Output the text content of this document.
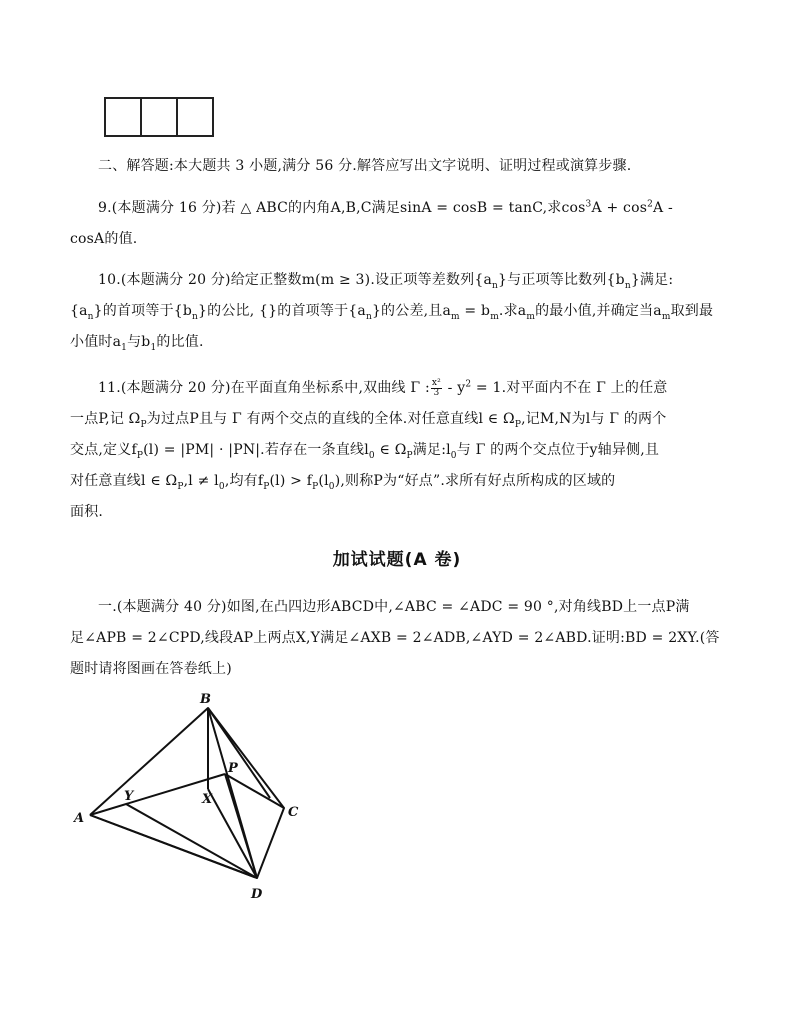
二、解答题:本大题共 3 小题,满分 56 分.解答应写出文字说明、证明过程或演算步骤.
9.(本题满分 16 分)若 △ ABC的内角A,B,C满足sinA = cosB = tanC,求$\cos^3A + \cos^2A$ -
cosA的值.
10.(本题满分 20 分)给定正整数m(m ≥ 3).设正项等差数列$\{a_n\}$与正项等比数列$\{b_n\}$满足:
$\{a_n\}$的首项等于$\{b_n\}$的公比, {}的首项等于$\{a_n\}$的公差,且$a_m = b_m$.求$a_m$的最小值,并确定当$a_m$取到最
小值时$a_1$与$b_1$的比值.
11.(本题满分 20 分)在平面直角坐标系中,双曲线 Γ : $\frac{\text{x²}}{3} - y^2 = 1$.对平面内不在 Γ 上的任意
一点P,记 $\Omega_P$为过点P且与 Γ 有两个交点的直线的全体.对任意直线l ∈ $\Omega_P$,记M,N为l与 Γ 的两个
交点,定义$f_P(l) = |PM| \cdot |PN|$.若存在一条直线$l_0$ ∈ $\Omega_P$满足$:l_0$与 Γ 的两个交点位于y轴异侧,且
对任意直线l ∈ $\Omega_P,l \ne l_0$,均有$f_P(l) > f_P(l_0)$,则称P为“好点”.求所有好点所构成的区域的
面积.
加试试题(A 卷)
一.(本题满分 40 分)如图,在凸四边形ABCD中,∠ABC = ∠ADC = 90 °,对角线BD上一点P满
足∠APB = 2∠CPD,线段AP上两点X,Y满足∠AXB = 2∠ADB,∠AYD = 2∠ABD.证明:BD = 2XY.(答
题时请将图画在答卷纸上)
B
A	C
D
P
X
Y
